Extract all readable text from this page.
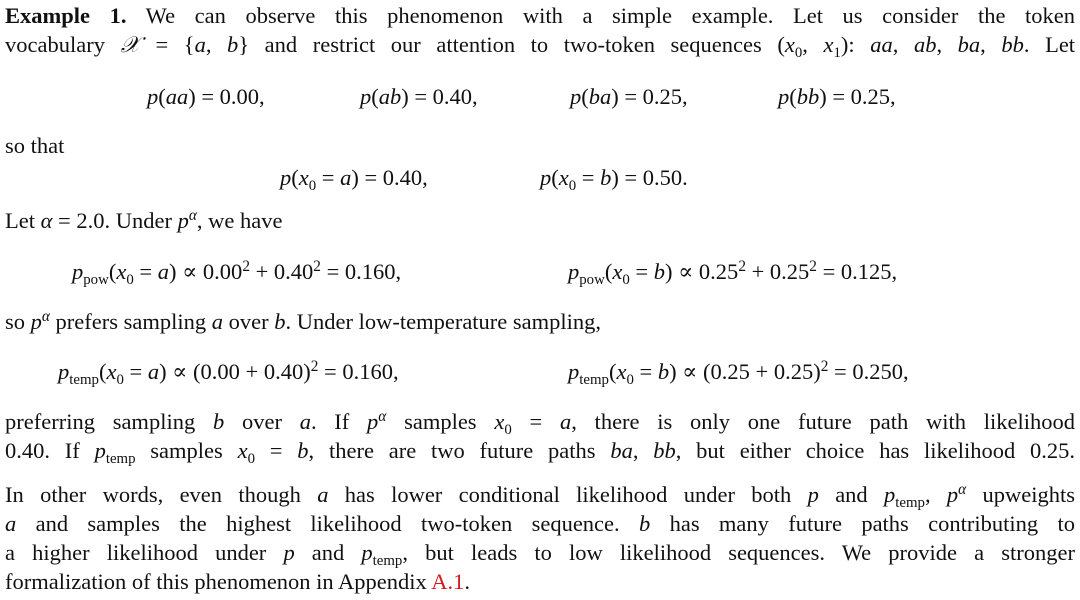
Example 1. We can observe this phenomenon with a simple example. Let us consider the token
vocabulary 𝒳 = {a, b} and restrict our attention to two-token sequences ($x_0$, $x_1$): aa, ab, ba, bb. Let
p(aa) = 0.00,	p(ab) = 0.40,	p(ba) = 0.25,	p(bb) = 0.25,
so that
$p(x_0 = a) = 0.40$,	$p(x_0 = b) = 0.50$.
Let α = 2.0. Under $p^\alpha$, we have
$p_{pow}(x_0 = a) \propto 0.00^2 + 0.40^2 = 0.160$,	$p_{pow}(x_0 = b) \propto 0.25^2 + 0.25^2 = 0.125$,
so $p^\alpha$ prefers sampling a over b. Under low-temperature sampling,
$p_{temp}(x_0 = a) \propto (0.00 + 0.40)^2 = 0.160$,	$p_{temp}(x_0 = b) \propto (0.25 + 0.25)^2 = 0.250$,
preferring sampling b over a. If $p^\alpha$ samples $x_0 = a$, there is only one future path with likelihood
0.40. If $p_{temp}$ samples $x_0 = b$, there are two future paths ba, bb, but either choice has likelihood 0.25.
In other words, even though a has lower conditional likelihood under both p and $p_{temp}$, $p^\alpha$ upweights
a and samples the highest likelihood two-token sequence. b has many future paths contributing to
a higher likelihood under p and $p_{temp}$, but leads to low likelihood sequences. We provide a stronger
formalization of this phenomenon in Appendix A.1.
